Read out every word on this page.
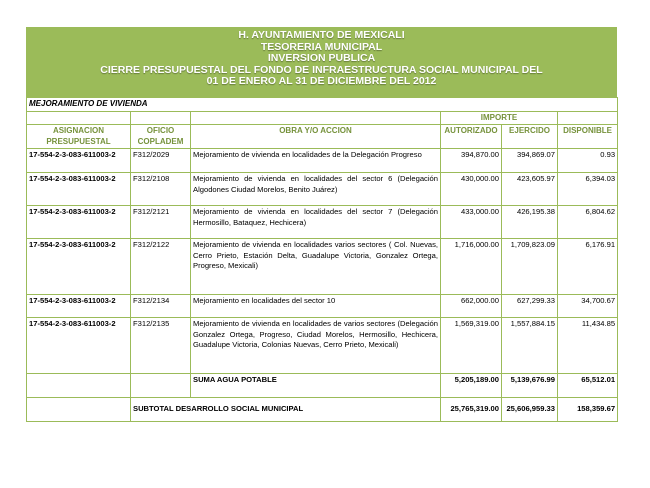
H. AYUNTAMIENTO DE MEXICALI
TESORERIA MUNICIPAL
INVERSION PUBLICA
CIERRE PRESUPUESTAL DEL FONDO DE INFRAESTRUCTURA SOCIAL MUNICIPAL DEL
01 DE ENERO AL 31 DE DICIEMBRE DEL 2012
MEJORAMIENTO DE VIVIENDA					
			IMPORTE		
ASIGNACION PRESUPUESTAL	OFICIO COPLADEM	OBRA Y/O ACCION	AUTORIZADO	EJERCIDO	DISPONIBLE
17-554-2-3-083-611003-2	F312/2029	Mejoramiento de vivienda en localidades de la Delegación Progreso	394,870.00	394,869.07	0.93
17-554-2-3-083-611003-2	F312/2108	Mejoramiento de vivienda en localidades del sector 6 (Delegación Algodones Ciudad Morelos, Benito Juárez)	430,000.00	423,605.97	6,394.03
17-554-2-3-083-611003-2	F312/2121	Mejoramiento de vivienda en localidades del sector 7 (Delegación Hermosillo, Bataquez, Hechicera)	433,000.00	426,195.38	6,804.62
17-554-2-3-083-611003-2	F312/2122	Mejoramiento de vivienda en localidades varios sectores ( Col. Nuevas, Cerro Prieto, Estación Delta, Guadalupe Victoria, Gonzalez Ortega, Progreso, Mexicali)	1,716,000.00	1,709,823.09	6,176.91
17-554-2-3-083-611003-2	F312/2134	Mejoramiento en localidades del sector 10	662,000.00	627,299.33	34,700.67
17-554-2-3-083-611003-2	F312/2135	Mejoramiento de vivienda en localidades de varios sectores (Delegación Gonzalez Ortega, Progreso, Ciudad Morelos, Hermosillo, Hechicera, Guadalupe Victoria, Colonias Nuevas, Cerro Prieto, Mexicali)	1,569,319.00	1,557,884.15	11,434.85
		SUMA AGUA POTABLE	5,205,189.00	5,139,676.99	65,512.01
	SUBTOTAL DESARROLLO SOCIAL MUNICIPAL		25,765,319.00	25,606,959.33	158,359.67
